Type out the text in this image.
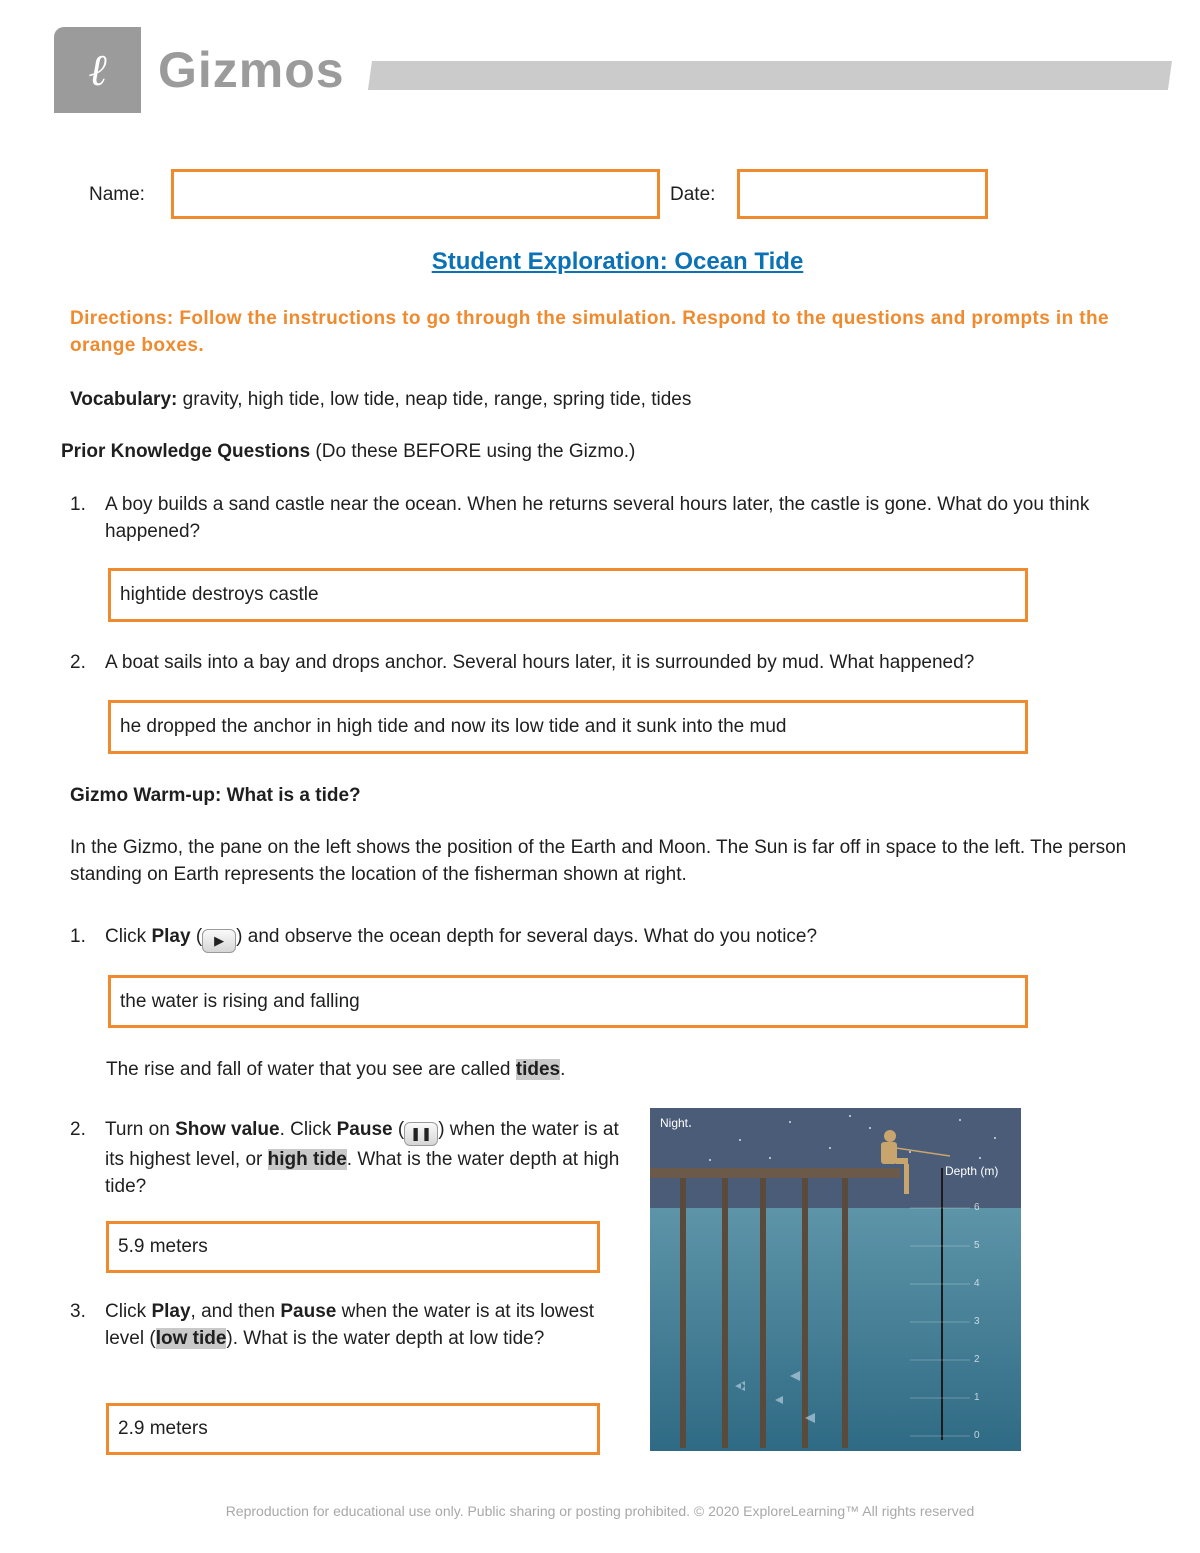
ℓ	Gizmos
Name:	Date:
Student Exploration: Ocean Tide
Directions: Follow the instructions to go through the simulation. Respond to the questions and prompts in the orange boxes.
Vocabulary: gravity, high tide, low tide, neap tide, range, spring tide, tides
Prior Knowledge Questions (Do these BEFORE using the Gizmo.)
1.	A boy builds a sand castle near the ocean. When he returns several hours later, the castle is gone. What do you think happened?
hightide destroys castle
2.	A boat sails into a bay and drops anchor. Several hours later, it is surrounded by mud. What happened?
he dropped the anchor in high tide and now its low tide and it sunk into the mud
Gizmo Warm-up: What is a tide?
In the Gizmo, the pane on the left shows the position of the Earth and Moon. The Sun is far off in space to the left. The person standing on Earth represents the location of the fisherman shown at right.
1.	Click Play ( ▶ ) and observe the ocean depth for several days. What do you notice?
the water is rising and falling
The rise and fall of water that you see are called tides.
2.	Turn on Show value. Click Pause ( ❚❚ ) when the water is at its highest level, or high tide. What is the water depth at high tide?
5.9 meters
3.	Click Play, and then Pause when the water is at its lowest level (low tide). What is the water depth at low tide?
2.9 meters
Night
Depth (m)
6
5
4
3
2
1
0
Reproduction for educational use only. Public sharing or posting prohibited. © 2020 ExploreLearning™ All rights reserved
